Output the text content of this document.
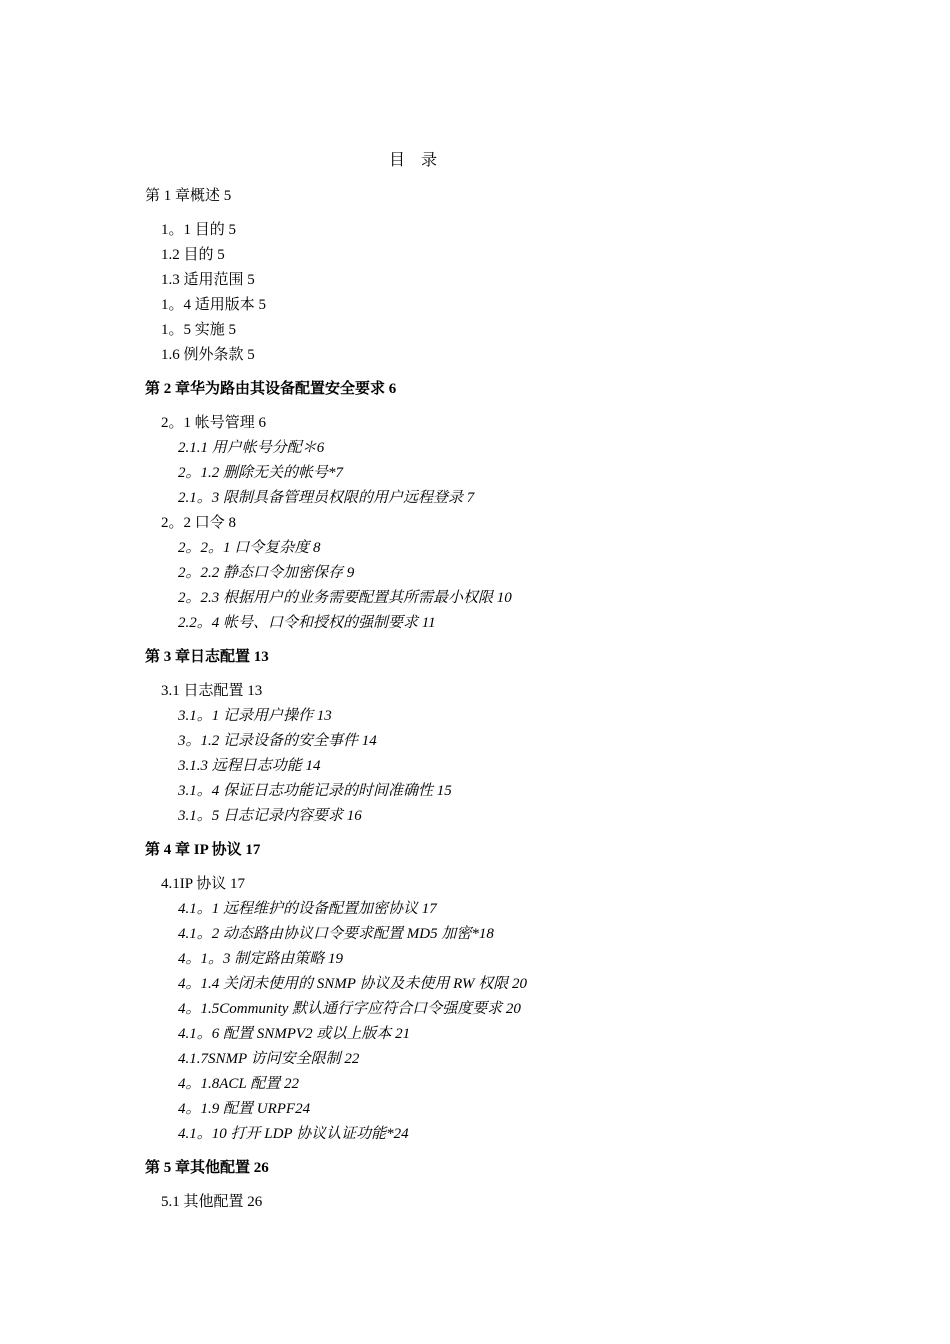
目　录
第 1 章概述 5
1。1 目的 5
1.2 目的 5
1.3 适用范围 5
1。4 适用版本 5
1。5 实施 5
1.6 例外条款 5
第 2 章华为路由其设备配置安全要求 6
2。1 帐号管理 6
2.1.1 用户帐号分配＊6
2。1.2 删除无关的帐号*7
2.1。3 限制具备管理员权限的用户远程登录 7
2。2 口令 8
2。2。1 口令复杂度 8
2。2.2 静态口令加密保存 9
2。2.3 根据用户的业务需要配置其所需最小权限 10
2.2。4 帐号、口令和授权的强制要求 11
第 3 章日志配置 13
3.1 日志配置 13
3.1。1 记录用户操作 13
3。1.2 记录设备的安全事件 14
3.1.3 远程日志功能 14
3.1。4 保证日志功能记录的时间准确性 15
3.1。5 日志记录内容要求 16
第 4 章 IP 协议 17
4.1IP 协议 17
4.1。1 远程维护的设备配置加密协议 17
4.1。2 动态路由协议口令要求配置 MD5 加密*18
4。1。3 制定路由策略 19
4。1.4 关闭未使用的 SNMP 协议及未使用 RW 权限 20
4。1.5Community 默认通行字应符合口令强度要求 20
4.1。6 配置 SNMPV2 或以上版本 21
4.1.7SNMP 访问安全限制 22
4。1.8ACL 配置 22
4。1.9 配置 URPF24
4.1。10 打开 LDP 协议认证功能*24
第 5 章其他配置 26
5.1 其他配置 26
